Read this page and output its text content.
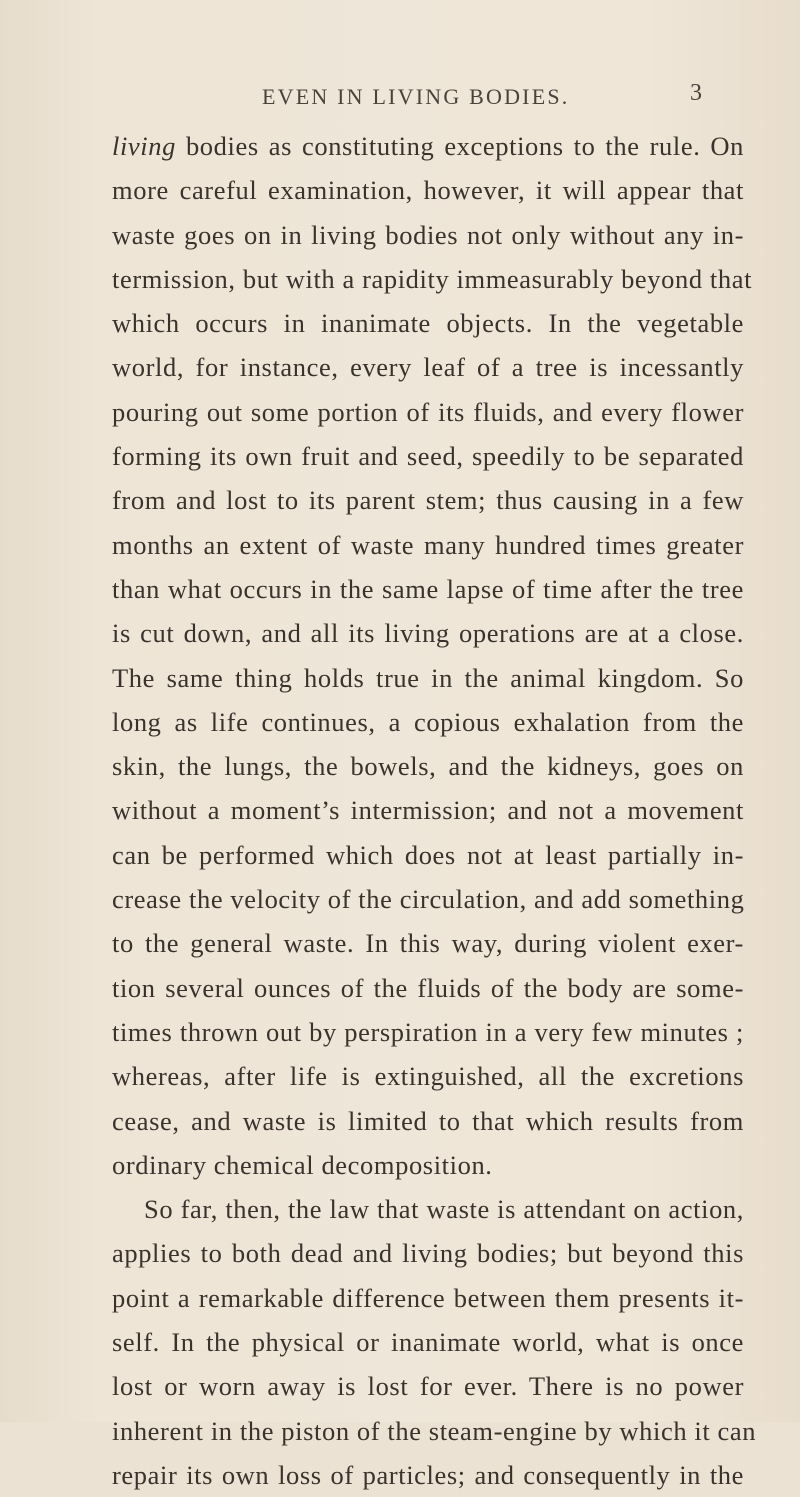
EVEN IN LIVING BODIES.	3
living bodies as constituting exceptions to the rule. On
more careful examination, however, it will appear that
waste goes on in living bodies not only without any in-
termission, but with a rapidity immeasurably beyond that
which occurs in inanimate objects. In the vegetable
world, for instance, every leaf of a tree is incessantly
pouring out some portion of its fluids, and every flower
forming its own fruit and seed, speedily to be separated
from and lost to its parent stem; thus causing in a few
months an extent of waste many hundred times greater
than what occurs in the same lapse of time after the tree
is cut down, and all its living operations are at a close.
The same thing holds true in the animal kingdom. So
long as life continues, a copious exhalation from the
skin, the lungs, the bowels, and the kidneys, goes on
without a moment’s intermission; and not a movement
can be performed which does not at least partially in-
crease the velocity of the circulation, and add something
to the general waste. In this way, during violent exer-
tion several ounces of the fluids of the body are some-
times thrown out by perspiration in a very few minutes ;
whereas, after life is extinguished, all the excretions
cease, and waste is limited to that which results from
ordinary chemical decomposition.
So far, then, the law that waste is attendant on action,
applies to both dead and living bodies; but beyond this
point a remarkable difference between them presents it-
self. In the physical or inanimate world, what is once
lost or worn away is lost for ever. There is no power
inherent in the piston of the steam-engine by which it can
repair its own loss of particles; and consequently in the
